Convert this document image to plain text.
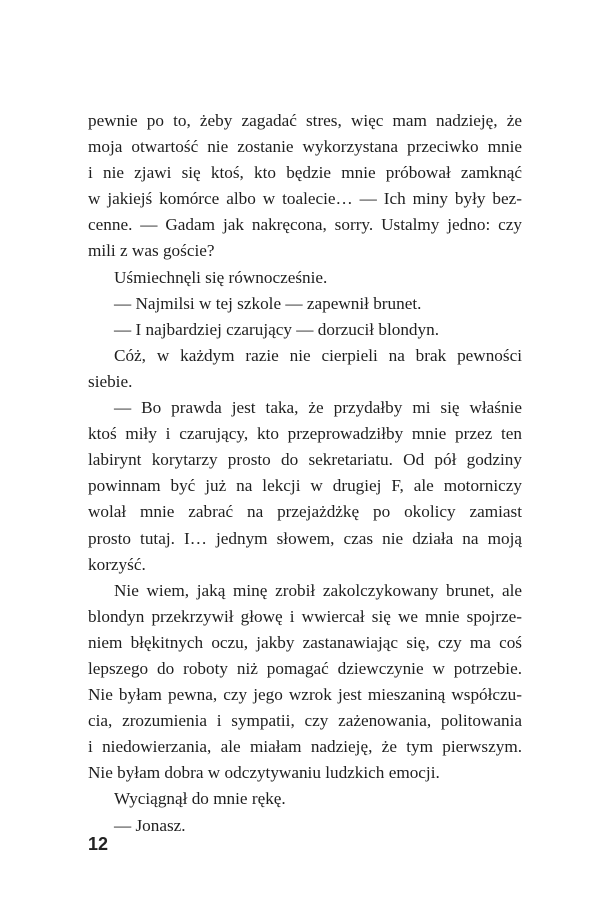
pewnie po to, żeby zagadać stres, więc mam nadzieję, że
moja otwartość nie zostanie wykorzystana przeciwko mnie
i nie zjawi się ktoś, kto będzie mnie próbował zamknąć
w jakiejś komórce albo w toalecie… — Ich miny były bez-
cenne. — Gadam jak nakręcona, sorry. Ustalmy jedno: czy
mili z was goście?
Uśmiechnęli się równocześnie.
— Najmilsi w tej szkole — zapewnił brunet.
— I najbardziej czarujący — dorzucił blondyn.
Cóż, w każdym razie nie cierpieli na brak pewności
siebie.
— Bo prawda jest taka, że przydałby mi się właśnie
ktoś miły i czarujący, kto przeprowadziłby mnie przez ten
labirynt korytarzy prosto do sekretariatu. Od pół godziny
powinnam być już na lekcji w drugiej F, ale motorniczy
wolał mnie zabrać na przejażdżkę po okolicy zamiast
prosto tutaj. I… jednym słowem, czas nie działa na moją
korzyść.
Nie wiem, jaką minę zrobił zakolczykowany brunet, ale
blondyn przekrzywił głowę i wwiercał się we mnie spojrze-
niem błękitnych oczu, jakby zastanawiając się, czy ma coś
lepszego do roboty niż pomagać dziewczynie w potrzebie.
Nie byłam pewna, czy jego wzrok jest mieszaniną współczu-
cia, zrozumienia i sympatii, czy zażenowania, politowania
i niedowierzania, ale miałam nadzieję, że tym pierwszym.
Nie byłam dobra w odczytywaniu ludzkich emocji.
Wyciągnął do mnie rękę.
— Jonasz.
12
